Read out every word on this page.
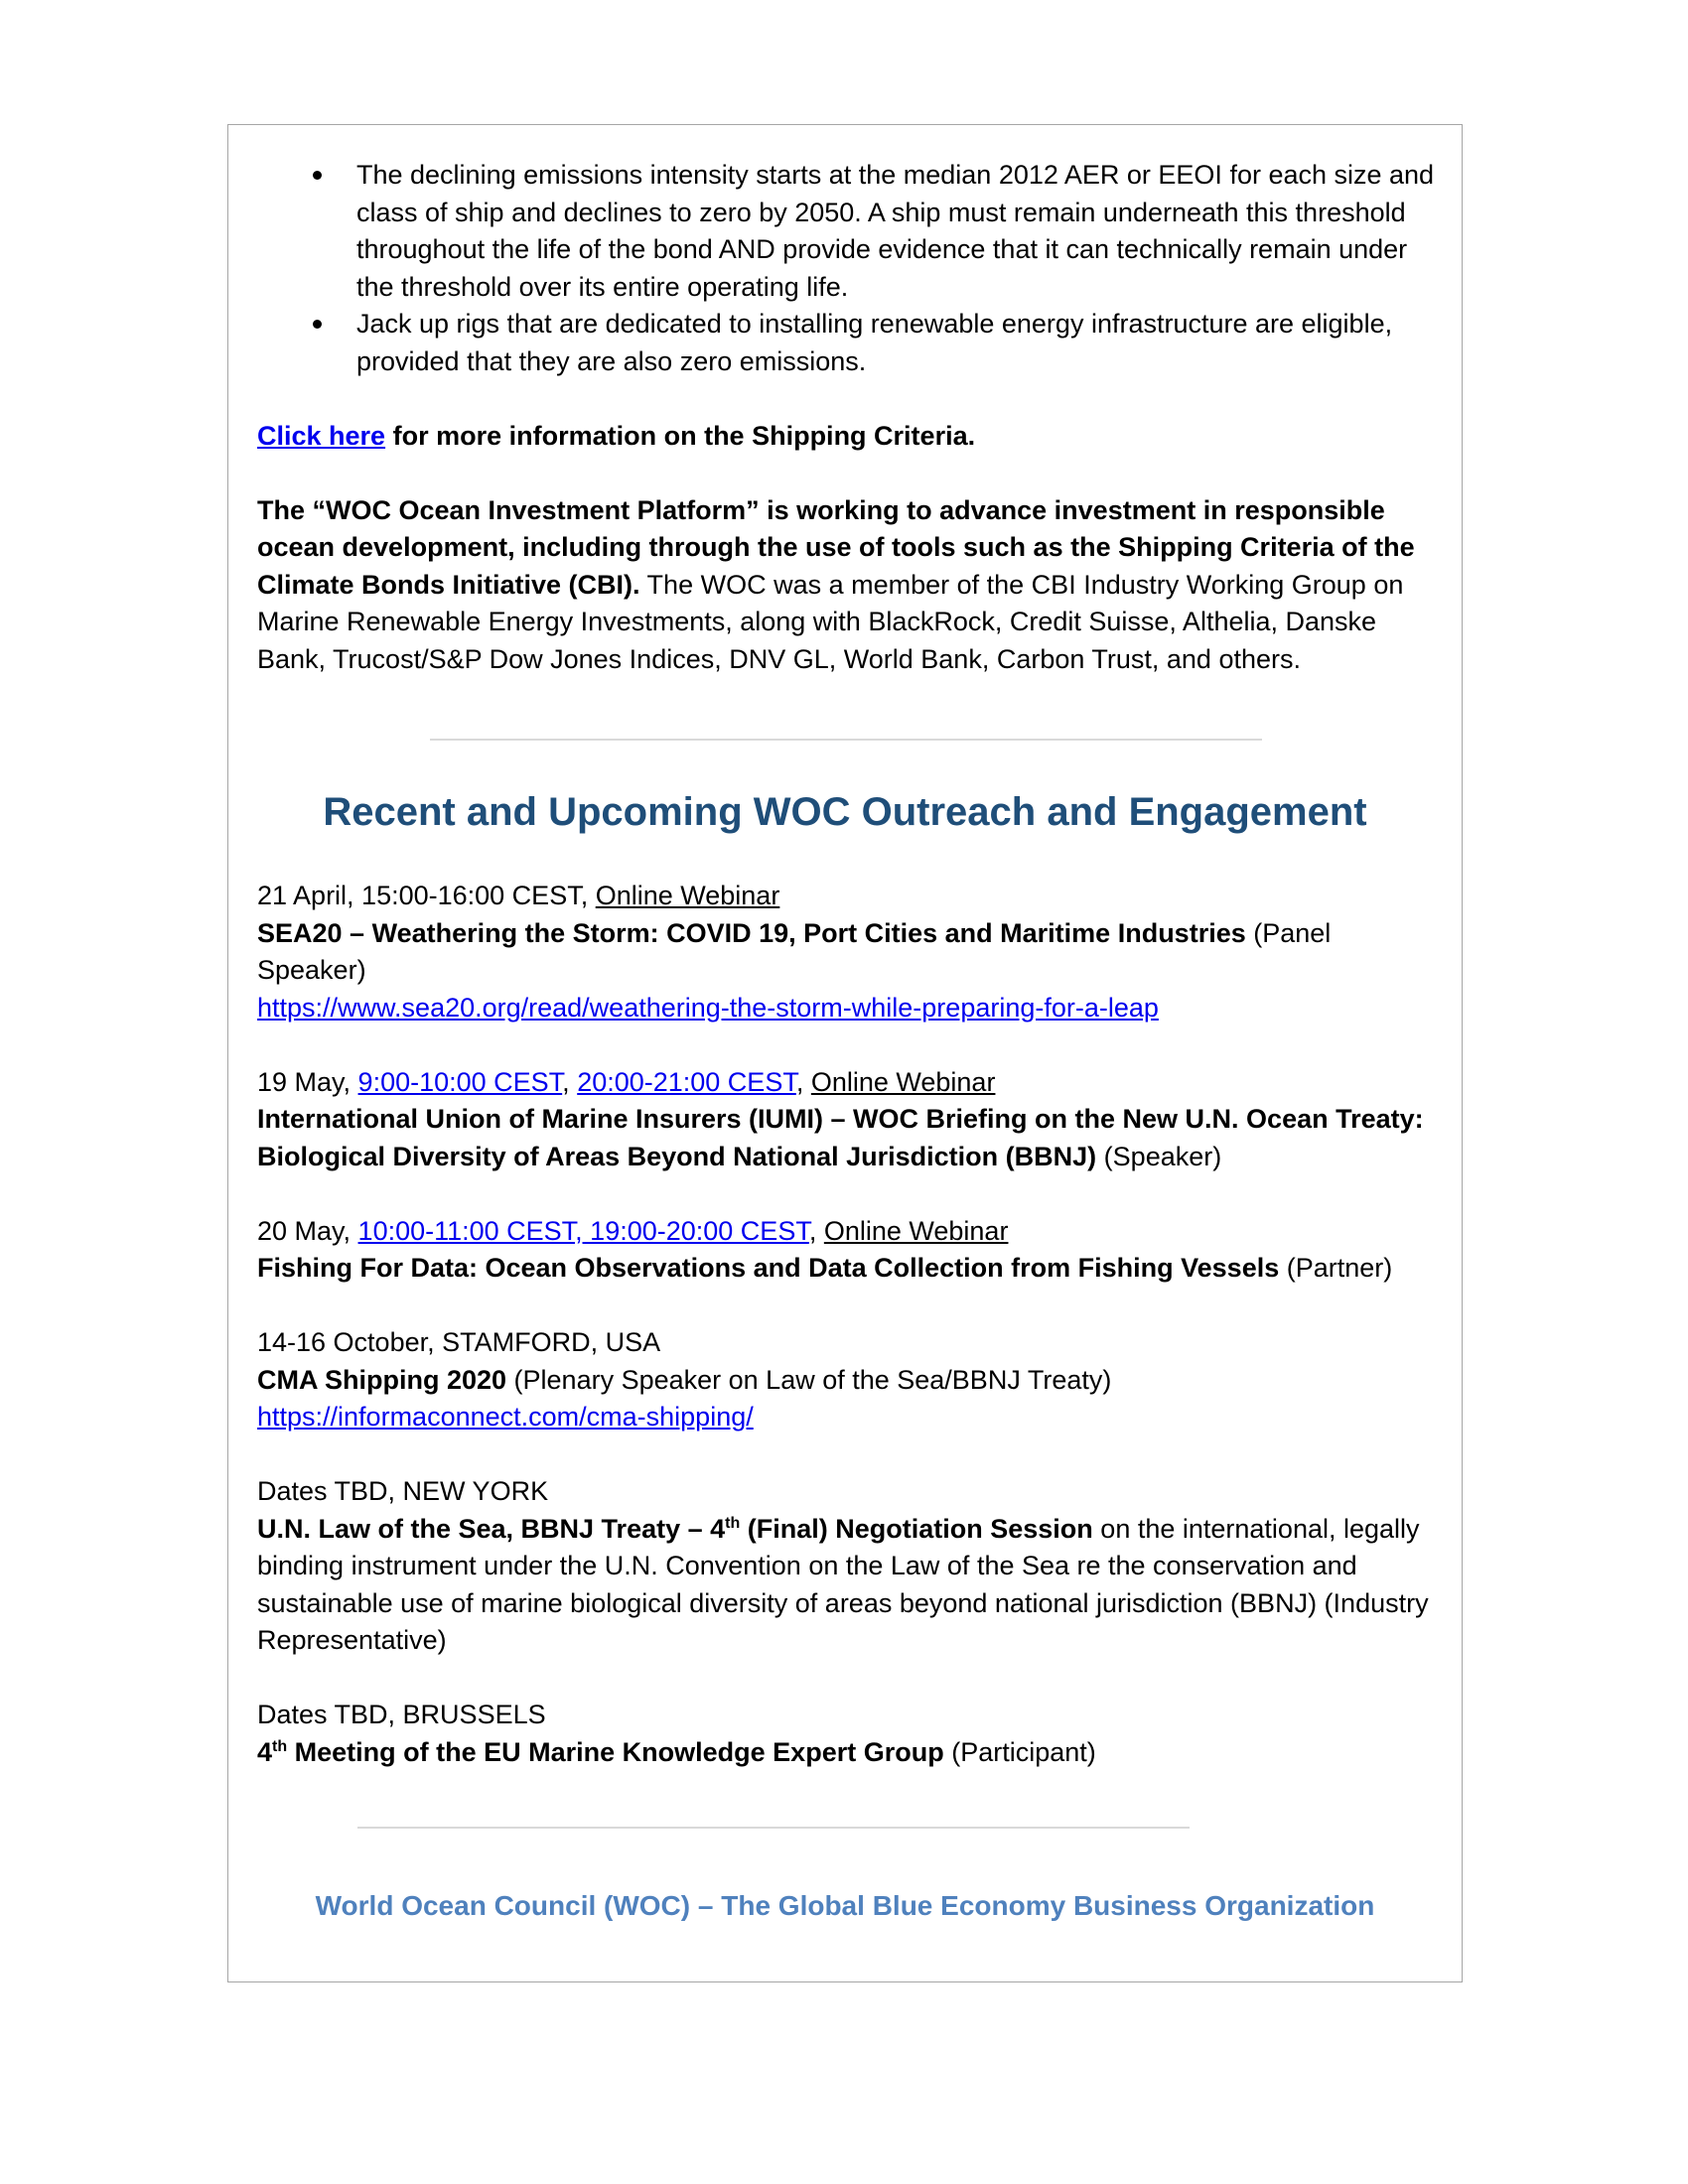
The declining emissions intensity starts at the median 2012 AER or EEOI for each size and class of ship and declines to zero by 2050. A ship must remain underneath this threshold throughout the life of the bond AND provide evidence that it can technically remain under the threshold over its entire operating life.
Jack up rigs that are dedicated to installing renewable energy infrastructure are eligible, provided that they are also zero emissions.

Click here for more information on the Shipping Criteria.

The “WOC Ocean Investment Platform” is working to advance investment in responsible ocean development, including through the use of tools such as the Shipping Criteria of the Climate Bonds Initiative (CBI). The WOC was a member of the CBI Industry Working Group on Marine Renewable Energy Investments, along with BlackRock, Credit Suisse, Althelia, Danske Bank, Trucost/S&P Dow Jones Indices, DNV GL, World Bank, Carbon Trust, and others.

Recent and Upcoming WOC Outreach and Engagement
21 April, 15:00-16:00 CEST, Online Webinar
SEA20 – Weathering the Storm: COVID 19, Port Cities and Maritime Industries (Panel Speaker)
https://www.sea20.org/read/weathering-the-storm-while-preparing-for-a-leap
19 May, 9:00-10:00 CEST, 20:00-21:00 CEST, Online Webinar
International Union of Marine Insurers (IUMI) – WOC Briefing on the New U.N. Ocean Treaty: Biological Diversity of Areas Beyond National Jurisdiction (BBNJ) (Speaker)
20 May, 10:00-11:00 CEST, 19:00-20:00 CEST, Online Webinar
Fishing For Data: Ocean Observations and Data Collection from Fishing Vessels (Partner)
14-16 October, STAMFORD, USA
CMA Shipping 2020 (Plenary Speaker on Law of the Sea/BBNJ Treaty)
https://informaconnect.com/cma-shipping/
Dates TBD, NEW YORK
U.N. Law of the Sea, BBNJ Treaty – 4th (Final) Negotiation Session on the international, legally binding instrument under the U.N. Convention on the Law of the Sea re the conservation and sustainable use of marine biological diversity of areas beyond national jurisdiction (BBNJ) (Industry Representative)
Dates TBD, BRUSSELS
4th Meeting of the EU Marine Knowledge Expert Group (Participant)
World Ocean Council (WOC) – The Global Blue Economy Business Organization
